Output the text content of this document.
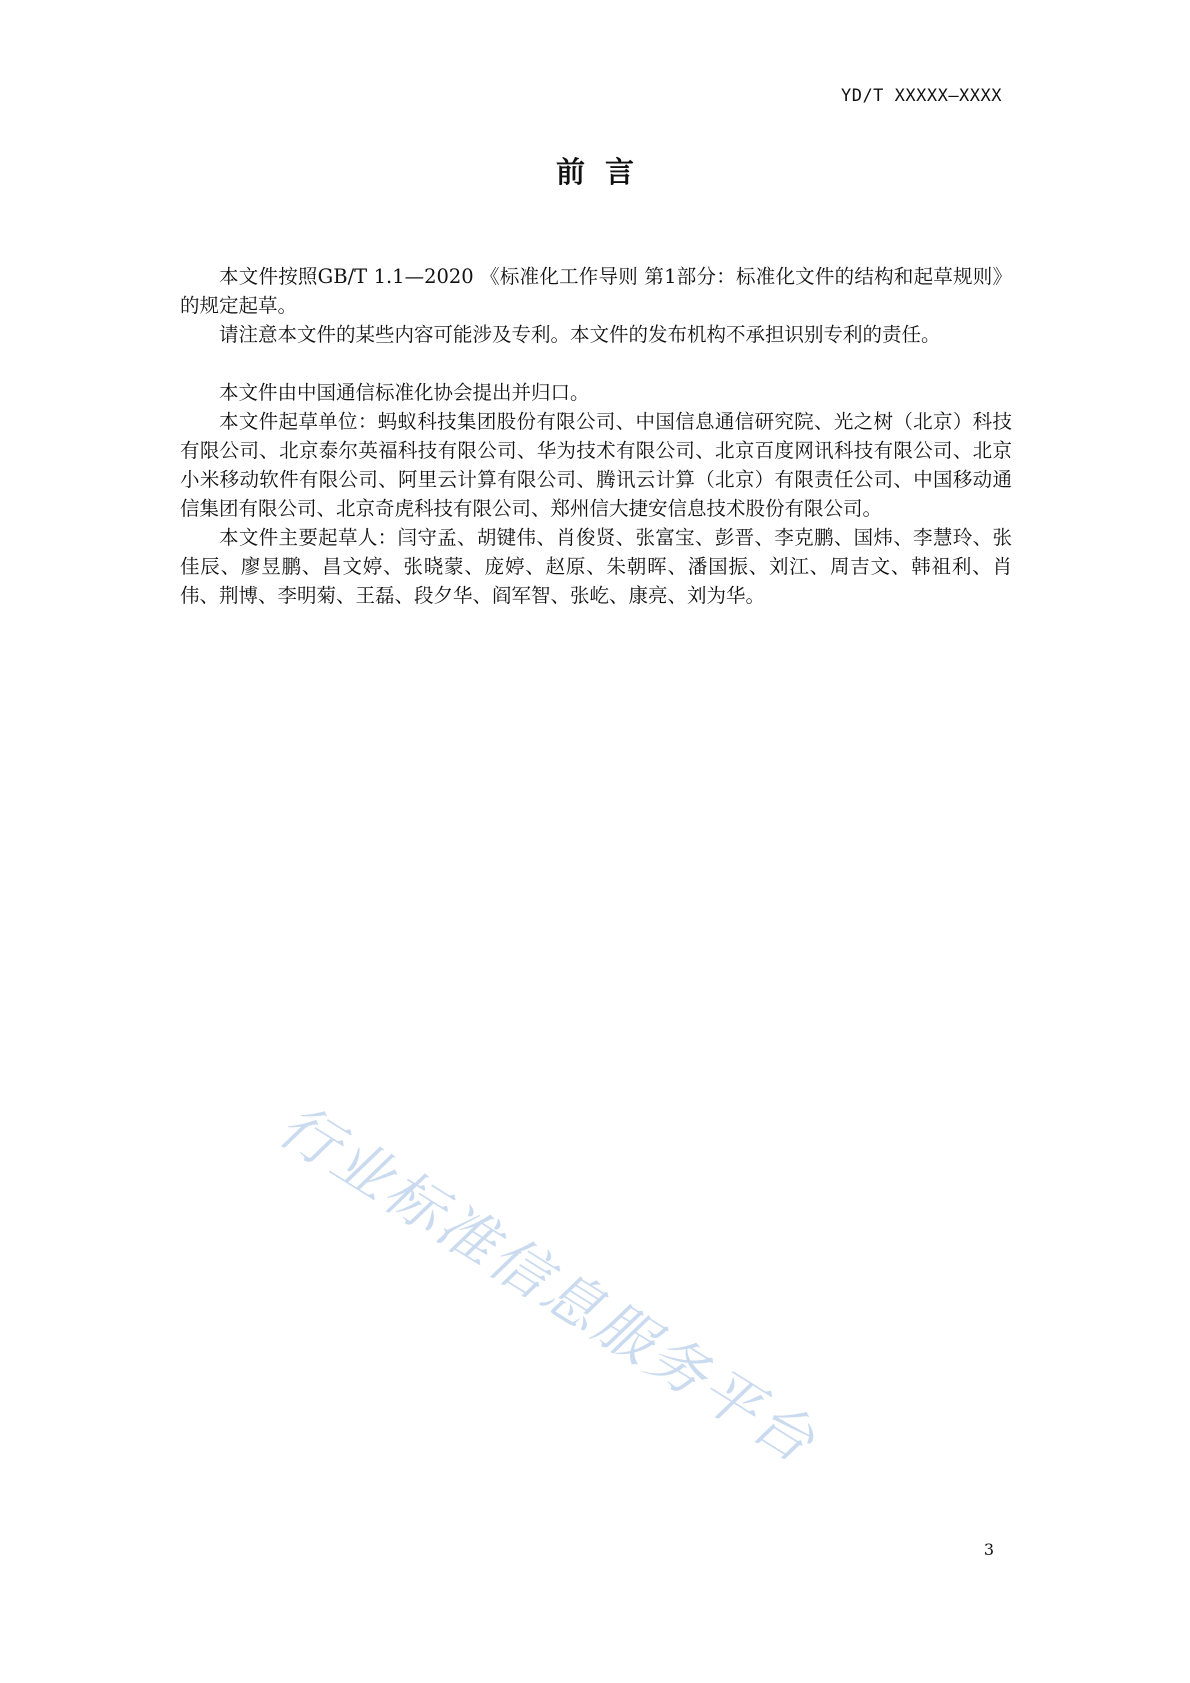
YD/T XXXXX—XXXX
前言

本文件按照GB/T 1.1—2020 《标准化工作导则 第1部分：标准化文件的结构和起草规则》的规定起草。

请注意本文件的某些内容可能涉及专利。本文件的发布机构不承担识别专利的责任。

本文件由中国通信标准化协会提出并归口。

本文件起草单位：蚂蚁科技集团股份有限公司、中国信息通信研究院、光之树（北京）科技有限公司、北京泰尔英福科技有限公司、华为技术有限公司、北京百度网讯科技有限公司、北京小米移动软件有限公司、阿里云计算有限公司、腾讯云计算（北京）有限责任公司、中国移动通信集团有限公司、北京奇虎科技有限公司、郑州信大捷安信息技术股份有限公司。

本文件主要起草人：闫守孟、胡键伟、肖俊贤、张富宝、彭晋、李克鹏、国炜、李慧玲、张佳辰、廖昱鹏、昌文婷、张晓蒙、庞婷、赵原、朱朝晖、潘国振、刘江、周吉文、韩祖利、肖伟、荆博、李明菊、王磊、段夕华、阎军智、张屹、康亮、刘为华。

行业标准信息服务平台
3
